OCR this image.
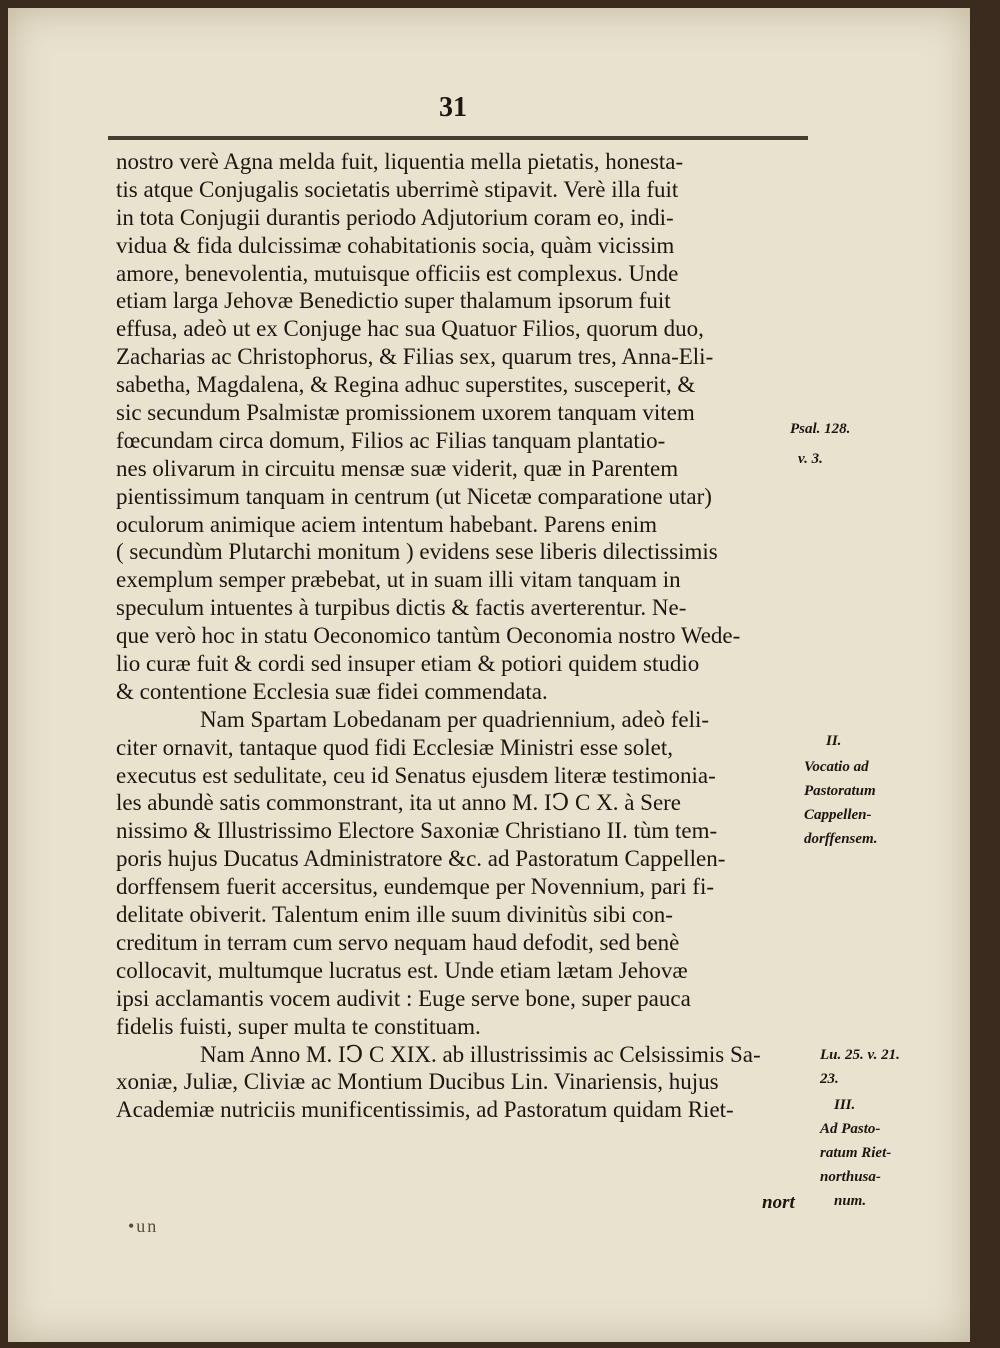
31
nostro verè Agna melda fuit, liquentia mella pietatis, honesta-
tis atque Conjugalis societatis uberrimè stipavit. Verè illa fuit
in tota Conjugii durantis periodo Adjutorium coram eo, indi-
vidua & fida dulcissimæ cohabitationis socia, quàm vicissim
amore, benevolentia, mutuisque officiis est complexus. Unde
etiam larga Jehovæ Benedictio super thalamum ipsorum fuit
effusa, adeò ut ex Conjuge hac sua Quatuor Filios, quorum duo,
Zacharias ac Christophorus, & Filias sex, quarum tres, Anna-Eli-
sabetha, Magdalena, & Regina adhuc superstites, susceperit, &
sic secundum Psalmistæ promissionem uxorem tanquam vitem
fœcundam circa domum, Filios ac Filias tanquam plantatio-
nes olivarum in circuitu mensæ suæ viderit, quæ in Parentem
pientissimum tanquam in centrum (ut Nicetæ comparatione utar)
oculorum animique aciem intentum habebant. Parens enim
( secundùm Plutarchi monitum ) evidens sese liberis dilectissimis
exemplum semper præbebat, ut in suam illi vitam tanquam in
speculum intuentes à turpibus dictis & factis averterentur. Ne-
que verò hoc in statu Oeconomico tantùm Oeconomia nostro Wede-
lio curæ fuit & cordi sed insuper etiam & potiori quidem studio
& contentione Ecclesia suæ fidei commendata.
Nam Spartam Lobedanam per quadriennium, adeò feli-
citer ornavit, tantaque quod fidi Ecclesiæ Ministri esse solet,
executus est sedulitate, ceu id Senatus ejusdem literæ testimonia-
les abundè satis commonstrant, ita ut anno M. IↃ C X. à Sere
nissimo & Illustrissimo Electore Saxoniæ Christiano II. tùm tem-
poris hujus Ducatus Administratore &c. ad Pastoratum Cappellen-
dorffensem fuerit accersitus, eundemque per Novennium, pari fi-
delitate obiverit. Talentum enim ille suum divinitùs sibi con-
creditum in terram cum servo nequam haud defodit, sed benè
collocavit, multumque lucratus est. Unde etiam lætam Jehovæ
ipsi acclamantis vocem audivit : Euge serve bone, super pauca
fidelis fuisti, super multa te constituam.
Nam Anno M. IↃ C XIX. ab illustrissimis ac Celsissimis Sa-
xoniæ, Juliæ, Cliviæ ac Montium Ducibus Lin. Vinariensis, hujus
Academiæ nutriciis munificentissimis, ad Pastoratum quidam Riet-
Psal. 128.
v. 3.
II.
Vocatio ad
Pastoratum
Cappellen-
dorffensem.
Lu. 25. v. 21.
23.
III.
Ad Pasto-
ratum Riet-
northusa-
num.
nort
•un
